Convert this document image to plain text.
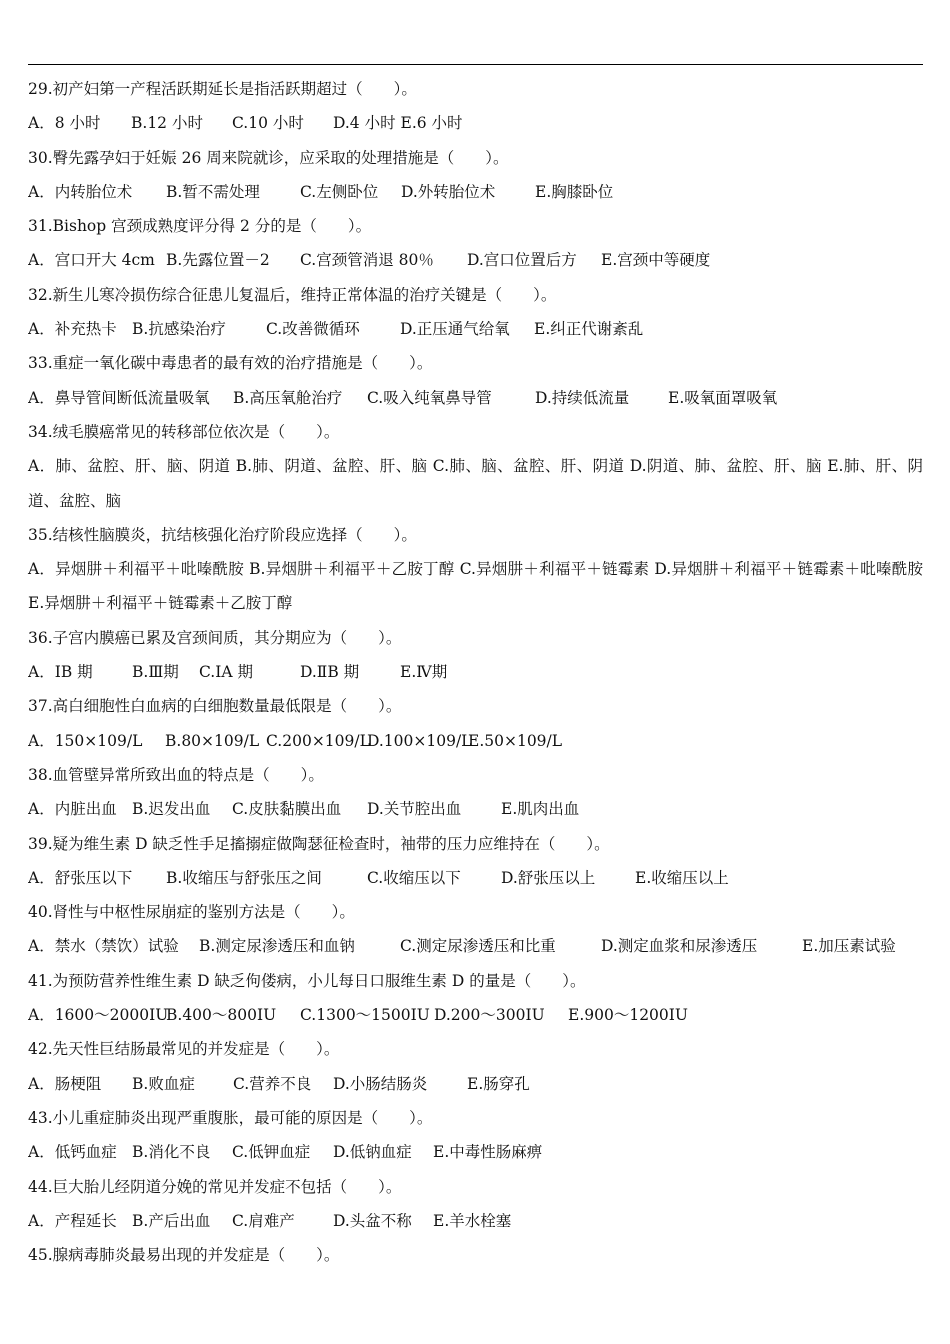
29.初产妇第一产程活跃期延长是指活跃期超过（　　）。
A．8 小时 B.12 小时 C.10 小时 D.4 小时 E.6 小时
30.臀先露孕妇于妊娠 26 周来院就诊，应采取的处理措施是（　　）。
A．内转胎位术 B.暂不需处理	C.左侧卧位 D.外转胎位术	E.胸膝卧位
31.Bishop 宫颈成熟度评分得 2 分的是（　　）。
A．宫口开大 4cm B.先露位置－2 C.宫颈管消退 80％ D.宫口位置后方 E.宫颈中等硬度
32.新生儿寒冷损伤综合征患儿复温后，维持正常体温的治疗关键是（　　）。
A．补充热卡 B.抗感染治疗	C.改善微循环	D.正压通气给氧 E.纠正代谢紊乱
33.重症一氧化碳中毒患者的最有效的治疗措施是（　　）。
A．鼻导管间断低流量吸氧 B.高压氧舱治疗 C.吸入纯氧鼻导管	D.持续低流量 E.吸氧面罩吸氧
34.绒毛膜癌常见的转移部位依次是（　　）。
A．肺、盆腔、肝、脑、阴道 B.肺、阴道、盆腔、肝、脑 C.肺、脑、盆腔、肝、阴道 D.阴道、肺、盆腔、肝、脑 E.肺、肝、阴道、盆腔、脑
35.结核性脑膜炎，抗结核强化治疗阶段应选择（　　）。
A．异烟肼＋利福平＋吡嗪酰胺 B.异烟肼＋利福平＋乙胺丁醇 C.异烟肼＋利福平＋链霉素 D.异烟肼＋利福平＋链霉素＋吡嗪酰胺 E.异烟肼＋利福平＋链霉素＋乙胺丁醇
36.子宫内膜癌已累及宫颈间质，其分期应为（　　）。
A．ⅠB 期	B.Ⅲ期 C.ⅠA 期	D.ⅡB 期	E.Ⅳ期
37.高白细胞性白血病的白细胞数量最低限是（　　）。
A．150×109/L B.80×109/L C.200×109/LD.100×109/LE.50×109/L
38.血管壁异常所致出血的特点是（　　）。
A．内脏出血 B.迟发出血 C.皮肤黏膜出血 D.关节腔出血	E.肌肉出血
39.疑为维生素 D 缺乏性手足搐搦症做陶瑟征检查时，袖带的压力应维持在（　　）。
A．舒张压以下 B.收缩压与舒张压之间	C.收缩压以下	D.舒张压以上	E.收缩压以上
40.肾性与中枢性尿崩症的鉴别方法是（　　）。
A．禁水（禁饮）试验 B.测定尿渗透压和血钠	C.测定尿渗透压和比重	D.测定血浆和尿渗透压	E.加压素试验
41.为预防营养性维生素 D 缺乏佝偻病，小儿每日口服维生素 D 的量是（　　）。
A．1600～2000IUB.400～800IU C.1300～1500IU D.200～300IU E.900～1200IU
42.先天性巨结肠最常见的并发症是（　　）。
A．肠梗阻 B.败血症 C.营养不良 D.小肠结肠炎	E.肠穿孔
43.小儿重症肺炎出现严重腹胀，最可能的原因是（　　）。
A．低钙血症 B.消化不良 C.低钾血症 D.低钠血症 E.中毒性肠麻痹
44.巨大胎儿经阴道分娩的常见并发症不包括（　　）。
A．产程延长 B.产后出血 C.肩难产 D.头盆不称 E.羊水栓塞
45.腺病毒肺炎最易出现的并发症是（　　）。
